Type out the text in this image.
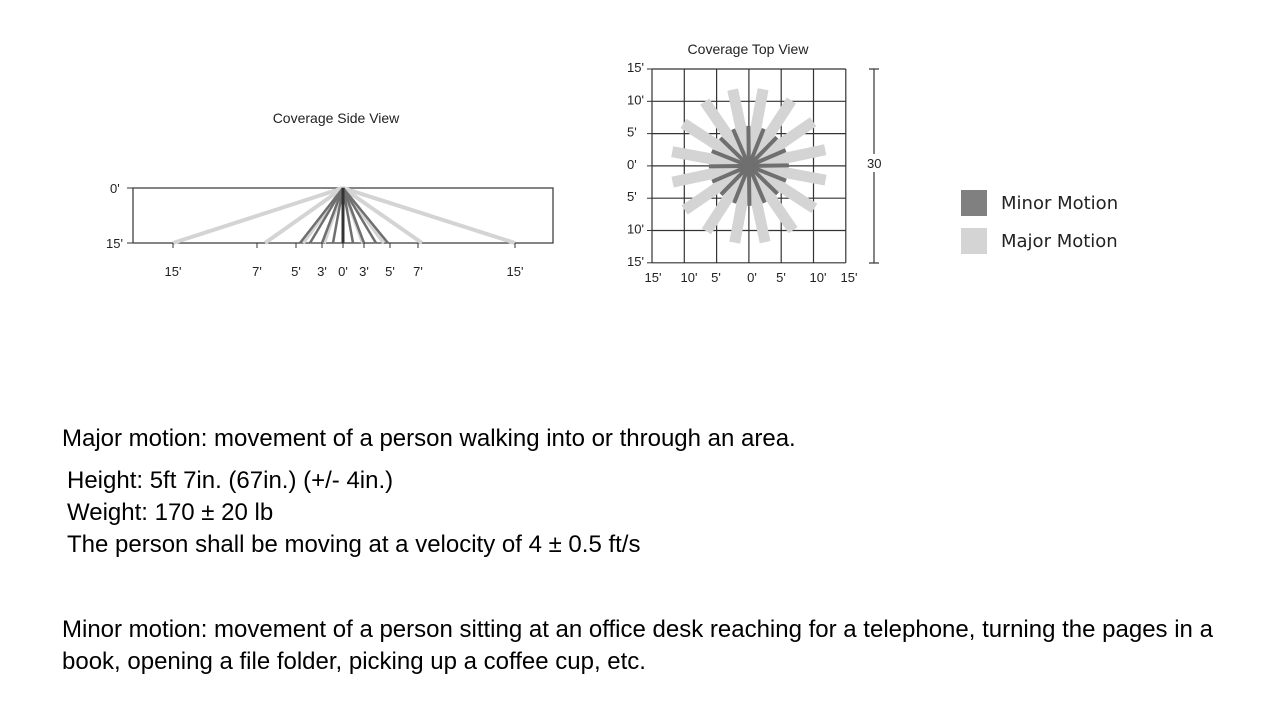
Coverage Side View
0'
15'
15'	7' 5' 3' 0' 3' 5' 7'	15'
Coverage Top View
15'
10'
5'
0'
5'
10'
15'
15' 10' 5' 0' 5' 10' 15'
30
Minor Motion
Major Motion
Major motion: movement of a person walking into or through an area.
Height: 5ft 7in. (67in.) (+/- 4in.)
Weight: 170 ± 20 lb
The person shall be moving at a velocity of 4 ± 0.5 ft/s
Minor motion: movement of a person sitting at an office desk reaching for a telephone, turning the pages in a book, opening a file folder, picking up a coffee cup, etc.
